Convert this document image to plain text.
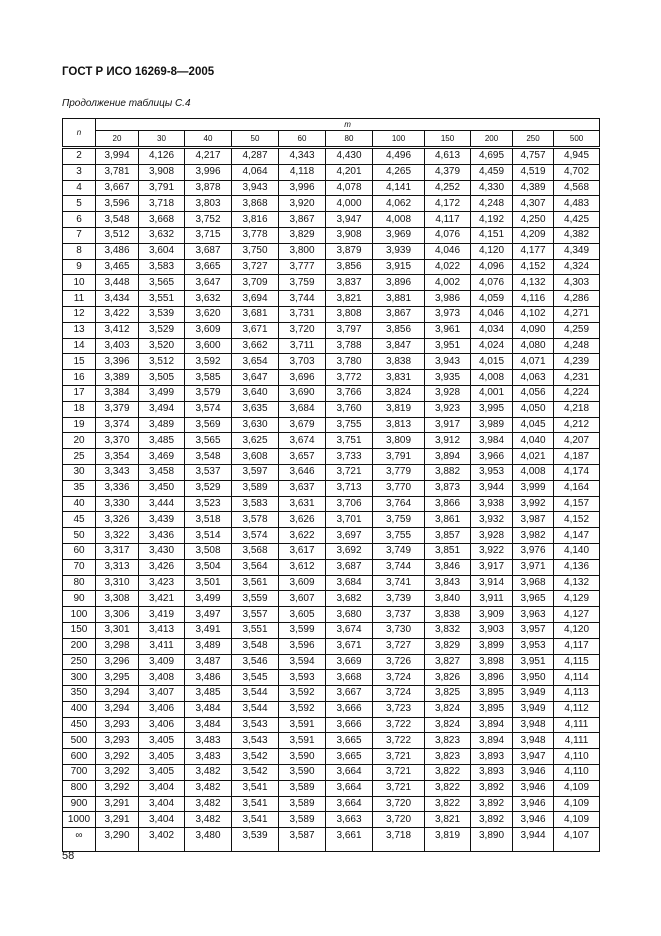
ГОСТ Р ИСО 16269-8—2005
Продолжение таблицы С.4
n	m										
	20	30	40	50	60	80	100	150	200	250	500
2	3,994	4,126	4,217	4,287	4,343	4,430	4,496	4,613	4,695	4,757	4,945
3	3,781	3,908	3,996	4,064	4,118	4,201	4,265	4,379	4,459	4,519	4,702
4	3,667	3,791	3,878	3,943	3,996	4,078	4,141	4,252	4,330	4,389	4,568
5	3,596	3,718	3,803	3,868	3,920	4,000	4,062	4,172	4,248	4,307	4,483
6	3,548	3,668	3,752	3,816	3,867	3,947	4,008	4,117	4,192	4,250	4,425
7	3,512	3,632	3,715	3,778	3,829	3,908	3,969	4,076	4,151	4,209	4,382
8	3,486	3,604	3,687	3,750	3,800	3,879	3,939	4,046	4,120	4,177	4,349
9	3,465	3,583	3,665	3,727	3,777	3,856	3,915	4,022	4,096	4,152	4,324
10	3,448	3,565	3,647	3,709	3,759	3,837	3,896	4,002	4,076	4,132	4,303
11	3,434	3,551	3,632	3,694	3,744	3,821	3,881	3,986	4,059	4,116	4,286
12	3,422	3,539	3,620	3,681	3,731	3,808	3,867	3,973	4,046	4,102	4,271
13	3,412	3,529	3,609	3,671	3,720	3,797	3,856	3,961	4,034	4,090	4,259
14	3,403	3,520	3,600	3,662	3,711	3,788	3,847	3,951	4,024	4,080	4,248
15	3,396	3,512	3,592	3,654	3,703	3,780	3,838	3,943	4,015	4,071	4,239
16	3,389	3,505	3,585	3,647	3,696	3,772	3,831	3,935	4,008	4,063	4,231
17	3,384	3,499	3,579	3,640	3,690	3,766	3,824	3,928	4,001	4,056	4,224
18	3,379	3,494	3,574	3,635	3,684	3,760	3,819	3,923	3,995	4,050	4,218
19	3,374	3,489	3,569	3,630	3,679	3,755	3,813	3,917	3,989	4,045	4,212
20	3,370	3,485	3,565	3,625	3,674	3,751	3,809	3,912	3,984	4,040	4,207
25	3,354	3,469	3,548	3,608	3,657	3,733	3,791	3,894	3,966	4,021	4,187
30	3,343	3,458	3,537	3,597	3,646	3,721	3,779	3,882	3,953	4,008	4,174
35	3,336	3,450	3,529	3,589	3,637	3,713	3,770	3,873	3,944	3,999	4,164
40	3,330	3,444	3,523	3,583	3,631	3,706	3,764	3,866	3,938	3,992	4,157
45	3,326	3,439	3,518	3,578	3,626	3,701	3,759	3,861	3,932	3,987	4,152
50	3,322	3,436	3,514	3,574	3,622	3,697	3,755	3,857	3,928	3,982	4,147
60	3,317	3,430	3,508	3,568	3,617	3,692	3,749	3,851	3,922	3,976	4,140
70	3,313	3,426	3,504	3,564	3,612	3,687	3,744	3,846	3,917	3,971	4,136
80	3,310	3,423	3,501	3,561	3,609	3,684	3,741	3,843	3,914	3,968	4,132
90	3,308	3,421	3,499	3,559	3,607	3,682	3,739	3,840	3,911	3,965	4,129
100	3,306	3,419	3,497	3,557	3,605	3,680	3,737	3,838	3,909	3,963	4,127
150	3,301	3,413	3,491	3,551	3,599	3,674	3,730	3,832	3,903	3,957	4,120
200	3,298	3,411	3,489	3,548	3,596	3,671	3,727	3,829	3,899	3,953	4,117
250	3,296	3,409	3,487	3,546	3,594	3,669	3,726	3,827	3,898	3,951	4,115
300	3,295	3,408	3,486	3,545	3,593	3,668	3,724	3,826	3,896	3,950	4,114
350	3,294	3,407	3,485	3,544	3,592	3,667	3,724	3,825	3,895	3,949	4,113
400	3,294	3,406	3,484	3,544	3,592	3,666	3,723	3,824	3,895	3,949	4,112
450	3,293	3,406	3,484	3,543	3,591	3,666	3,722	3,824	3,894	3,948	4,111
500	3,293	3,405	3,483	3,543	3,591	3,665	3,722	3,823	3,894	3,948	4,111
600	3,292	3,405	3,483	3,542	3,590	3,665	3,721	3,823	3,893	3,947	4,110
700	3,292	3,405	3,482	3,542	3,590	3,664	3,721	3,822	3,893	3,946	4,110
800	3,292	3,404	3,482	3,541	3,589	3,664	3,721	3,822	3,892	3,946	4,109
900	3,291	3,404	3,482	3,541	3,589	3,664	3,720	3,822	3,892	3,946	4,109
1000	3,291	3,404	3,482	3,541	3,589	3,663	3,720	3,821	3,892	3,946	4,109
∞	3,290	3,402	3,480	3,539	3,587	3,661	3,718	3,819	3,890	3,944	4,107
58
